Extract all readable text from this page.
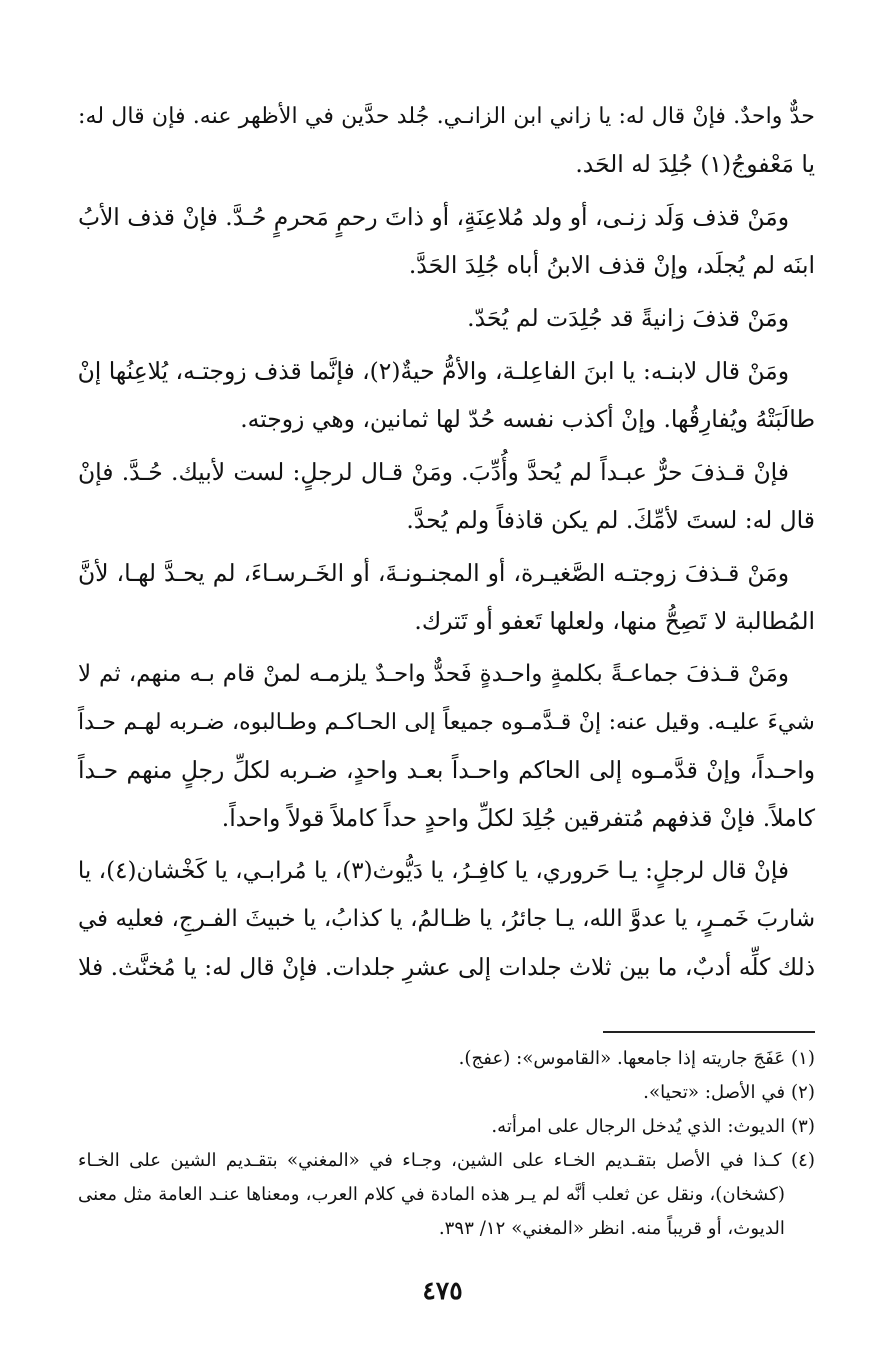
حدٌّ واحدٌ. فإنْ قال له: يا زاني ابن الزانـي. جُلد حدَّين في الأظهر عنه. فإن قال له:
يا مَعْفوجُ(١) جُلِدَ له الحَد.

ومَنْ قذف وَلَد زنـى، أو ولد مُلاعِنَةٍ، أو ذاتَ رحمٍ مَحرمٍ حُـدَّ. فإنْ قذف الأبُ
ابنَه لم يُجلَد، وإنْ قذف الابنُ أباه جُلِدَ الحَدَّ.

ومَنْ قذفَ زانيةً قد جُلِدَت لم يُحَدّ.

ومَنْ قال لابنـه: يا ابنَ الفاعِلـة، والأمُّ حيةٌ(٢)، فإنَّما قذف زوجتـه، يُلاعِنُها إنْ
طالَبَتْهُ ويُفارِقُها. وإنْ أكذب نفسه حُدّ لها ثمانين، وهي زوجته.

فإنْ قـذفَ حرٌّ عبـداً لم يُحدَّ وأُدِّبَ. ومَنْ قـال لرجلٍ: لست لأبيك. حُـدَّ. فإنْ
قال له: لستَ لأمِّكَ. لم يكن قاذفاً ولم يُحدَّ.

ومَنْ قـذفَ زوجتـه الصَّغيـرة، أو المجنـونـةَ، أو الخَـرسـاءَ، لم يحـدَّ لهـا، لأنَّ
المُطالبة لا تَصِحُّ منها، ولعلها تَعفو أو تَترك.

ومَنْ قـذفَ جماعـةً بكلمةٍ واحـدةٍ فَحدٌّ واحـدٌ يلزمـه لمنْ قام بـه منهم، ثم لا
شيءَ عليـه. وقيل عنه: إنْ قـدَّمـوه جميعاً إلى الحـاكـم وطـالبوه، ضـربه لهـم حـداً
واحـداً، وإنْ قدَّمـوه إلى الحاكم واحـداً بعـد واحدٍ، ضـربه لكلِّ رجلٍ منهم حـداً
كاملاً. فإنْ قذفهم مُتفرقين جُلِدَ لكلِّ واحدٍ حداً كاملاً قولاً واحداً.

فإنْ قال لرجلٍ: يـا حَروري، يا كافِـرُ، يا دَيُّوث(٣)، يا مُرابـي، يا كَخْشان(٤)، يا
شاربَ خَمـرٍ، يا عدوَّ الله، يـا جائرُ، يا ظـالمُ، يا كذابُ، يا خبيثَ الفـرجِ، فعليه في
ذلك كلِّه أدبٌ، ما بين ثلاث جلدات إلى عشرِ جلدات. فإنْ قال له: يا مُخنَّث. فلا

(١) عَفَجَ جاريته إذا جامعها. «القاموس»: (عفج).
(٢) في الأصل: «تحيا».
(٣) الديوث: الذي يُدخل الرجال على امرأته.
(٤) كـذا في الأصل بتقـديم الخـاء على الشين، وجـاء في «المغني» بتقـديم الشين على الخـاء
(كشخان)، ونقل عن ثعلب أنَّه لم يـر هذه المادة في كلام العرب، ومعناها عنـد العامة مثل معنى
الديوث، أو قريباً منه. انظر «المغني» ١٢/ ٣٩٣.
٤٧٥
